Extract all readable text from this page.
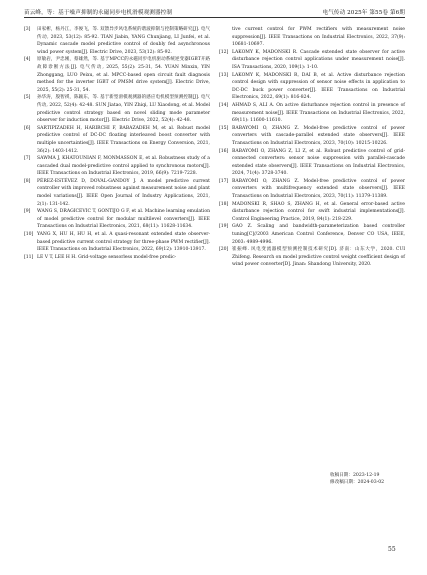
苗云峰，等：基于噪声抑制的永磁同步电机滑模观测器控制	电气传动 2025年 第55卷 第6期
[3] 田家彬，杨丹江，李俊飞，等. 双馈异步风电系统的谐波抑制与控制策略研究[J]. 电气传动, 2023, 53(12): 85-92. TIAN Jiabin, YANG Chunjiang, LI Junfei, et al. Dynamic cascade model predictive control of doubly fed asynchronous wind power system[J]. Electric Drive, 2023, 53(12): 85-92.
[4] 原敏岩，尹忠刚，蔡雄然，等. 基于MPCC的永磁同步电机驱动系统逆变器IGBT开路故障诊断方法[J]. 电气传动, 2025, 55(2): 25-31, 54. YUAN Minxin, YIN Zhonggang, LUO Peixu, et al. MPCC-based open circuit fault diagnosis method for the inverter IGBT of PMSM drive system[J]. Electric Drive, 2025, 55(2): 25-31, 54.
[5] 孙华涛，殷智祺，陈颖东，等. 基于新型滑模观测器的感应电机模型预测控制[J]. 电气传动, 2022, 52(4): 42-48. SUN Jiatao, YIN Zhiqi, LU Xiaodong, et al. Model predictive control strategy based on novel sliding mode parameter observer for induction motor[J]. Electric Drive, 2022, 52(4): 42-48.
[6] SARTIPIZADEH H, HARIRCHI F, BABAZADEH M, et al. Robust model predictive control of DC-DC floating interleaved boost converter with multiple uncertainties[J]. IEEE Transactions on Energy Conversion, 2021, 36(2): 1403-1412.
[7] SAWMA J, KHATOUNIAN F, MONMASSON E, et al. Robustness study of a cascaded dual model-predictive control applied to synchronous motors[J]. IEEE Transactions on Industrial Electronics, 2019, 66(9): 7219-7228.
[8] PÉREZ-ESTÉVEZ D, DOVAL-GANDOY J. A model predictive current controller with improved robustness against measurement noise and plant model variations[J]. IEEE Open Journal of Industry Applications, 2021, 2(1): 131-142.
[9] WANG S, DRAGICEVIC T, GONTIJO G F, et al. Machine learning emulation of model predictive control for modular multilevel converters[J]. IEEE Transactions on Industrial Electronics, 2021, 68(11): 11628-11634.
[10] YANG X, HU H, HU H, et al. A quasi-resonant extended state observer-based predictive current control strategy for three-phase PWM rectifier[J]. IEEE Transactions on Industrial Electronics, 2022, 69(12): 13910-13917.
[11] LE V T, LEE H H. Grid-voltage sensorless model-free predic-
tive current control for PWM rectifiers with measurement noise suppression[J]. IEEE Transactions on Industrial Electronics, 2022, 37(9): 10681-10697.
[12] LAKOMY K, MADONSKI R. Cascade extended state observer for active disturbance rejection control applications under measurement noise[J]. ISA Transactions, 2020, 109(1): 1-10.
[13] LAKOMY K, MADONSKI R, DAI B, et al. Active disturbance rejection control design with suppression of sensor noise effects in application to DC-DC buck power converter[J]. IEEE Transactions on Industrial Electronics, 2022, 69(1): 816-824.
[14] AHMAD S, ALI A. On active disturbance rejection control in presence of measurement noise[J]. IEEE Transactions on Industrial Electronics, 2022, 69(11): 11600-11610.
[15] BABAYOMI O, ZHANG Z. Model-free predictive control of power converters with cascade-parallel extended state observers[J]. IEEE Transactions on Industrial Electronics, 2023, 70(10): 10215-10226.
[16] BABAYOMI O, ZHANG Z, LI Z, et al. Robust predictive control of grid-connected converters: sensor noise suppression with parallel-cascade extended state observers[J]. IEEE Transactions on Industrial Electronics, 2024, 71(4): 3728-3740.
[17] BABAYOMI O, ZHANG Z. Model-free predictive control of power converters with multifrequency extended state observers[J]. IEEE Transactions on Industrial Electronics, 2023, 70(11): 11379-11389.
[18] MADONSKI R, SHAO S, ZHANG H, et al. General error-based active disturbance rejection control for swift industrial implementations[J]. Control Engineering Practice, 2019, 84(1): 218-229.
[19] GAO Z. Scaling and bandwidth-parameterization based controller tuning[C]//2003 American Control Conference, Denver CO USA, IEEE, 2003: 4989-4996.
[20] 崔振峰. 风电变流器模型预测控制技术研究[D]. 济南：山东大学，2020. CUI Zhifeng. Research on model predictive control weight coefficient design of wind power converter[D]. Jinan: Shandong University, 2020.
收稿日期：2023-12-19
修改稿日期：2024-03-02
55
